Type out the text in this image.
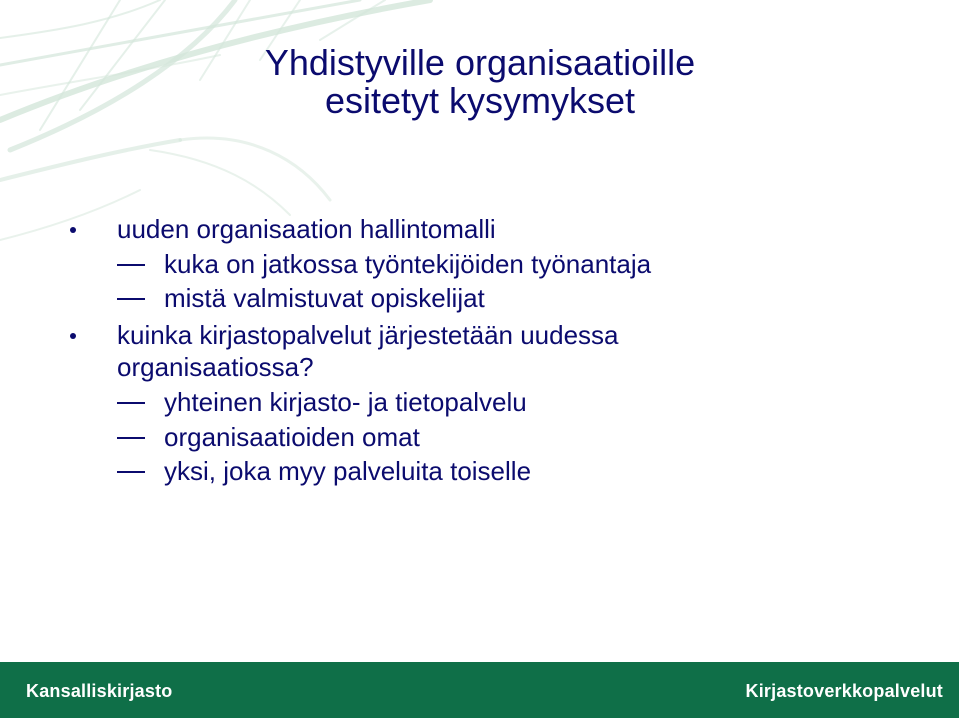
Yhdistyville organisaatioille
esitetyt kysymykset
uuden organisaation hallintomalli
kuka on jatkossa työntekijöiden työnantaja
mistä valmistuvat opiskelijat
kuinka kirjastopalvelut järjestetään uudessa
organisaatiossa?
yhteinen kirjasto- ja tietopalvelu
organisaatioiden omat
yksi, joka myy palveluita toiselle
Kansalliskirjasto	Kirjastoverkkopalvelut
